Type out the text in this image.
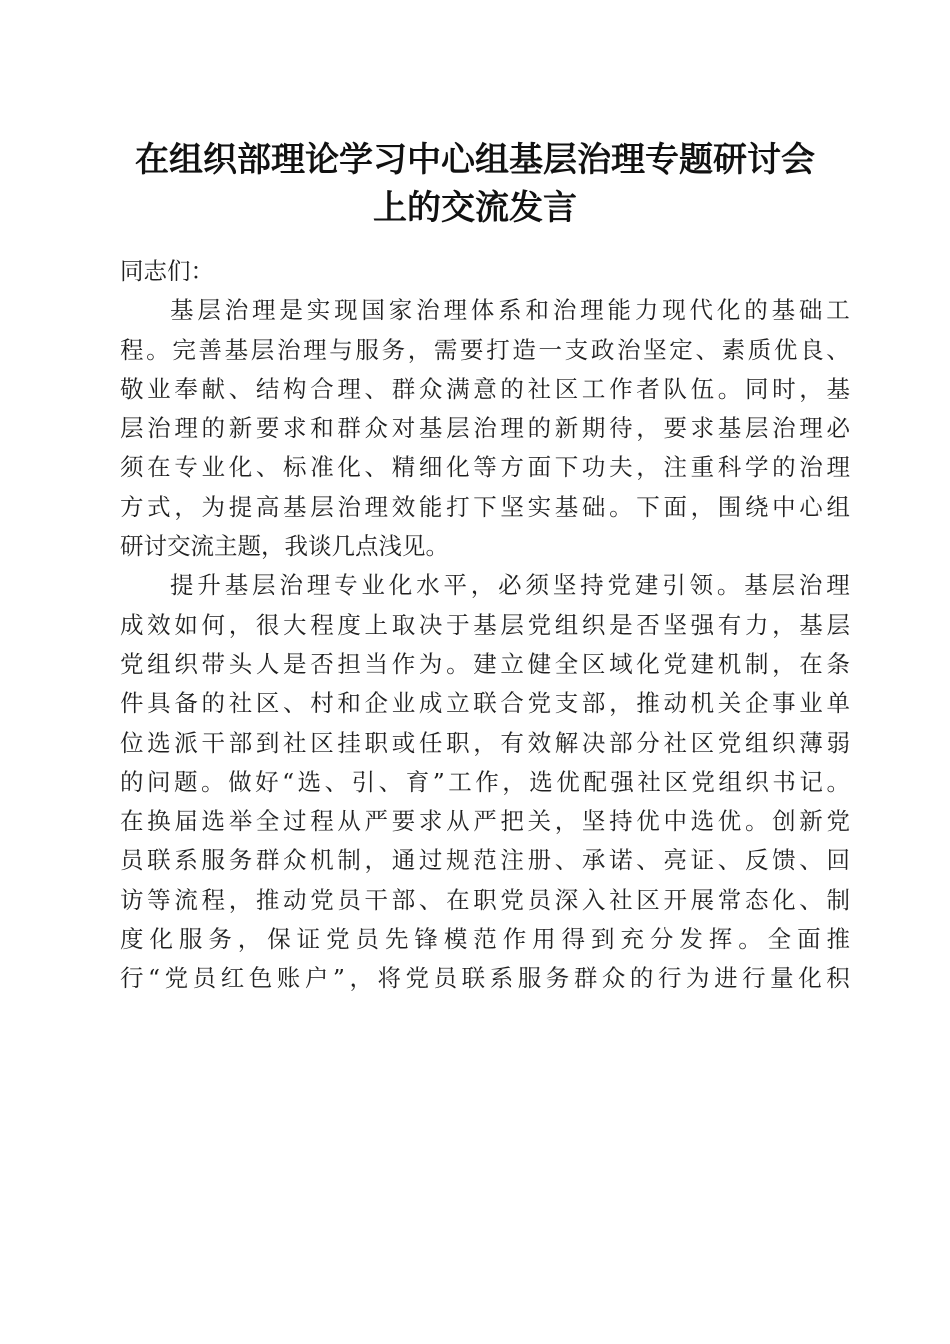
在组织部理论学习中心组基层治理专题研讨会
上的交流发言
同志们：
基 层 治 理 是 实 现 国 家 治 理 体 系 和 治 理 能 力 现 代 化 的 基 础 工
程 。 完 善 基 层 治 理 与 服 务 ， 需 要 打 造 一 支 政 治 坚 定 、 素 质 优 良 、
敬 业 奉 献 、 结 构 合 理 、 群 众 满 意 的 社 区 工 作 者 队 伍 。 同 时 ， 基
层 治 理 的 新 要 求 和 群 众 对 基 层 治 理 的 新 期 待 ， 要 求 基 层 治 理 必
须 在 专 业 化 、 标 准 化 、 精 细 化 等 方 面 下 功 夫 ， 注 重 科 学 的 治 理
方 式 ， 为 提 高 基 层 治 理 效 能 打 下 坚 实 基 础 。 下 面 ， 围 绕 中 心 组
研讨交流主题，我谈几点浅见。
提 升 基 层 治 理 专 业 化 水 平 ， 必 须 坚 持 党 建 引 领 。 基 层 治 理
成 效 如 何 ， 很 大 程 度 上 取 决 于 基 层 党 组 织 是 否 坚 强 有 力 ， 基 层
党 组 织 带 头 人 是 否 担 当 作 为 。 建 立 健 全 区 域 化 党 建 机 制 ， 在 条
件 具 备 的 社 区 、 村 和 企 业 成 立 联 合 党 支 部 ， 推 动 机 关 企 事 业 单
位 选 派 干 部 到 社 区 挂 职 或 任 职 ， 有 效 解 决 部 分 社 区 党 组 织 薄 弱
的 问 题 。 做 好 “ 选 、 引 、 育 ” 工 作 ， 选 优 配 强 社 区 党 组 织 书 记 。
在 换 届 选 举 全 过 程 从 严 要 求 从 严 把 关 ， 坚 持 优 中 选 优 。 创 新 党
员 联 系 服 务 群 众 机 制 ， 通 过 规 范 注 册 、 承 诺 、 亮 证 、 反 馈 、 回
访 等 流 程 ， 推 动 党 员 干 部 、 在 职 党 员 深 入 社 区 开 展 常 态 化 、 制
度 化 服 务 ， 保 证 党 员 先 锋 模 范 作 用 得 到 充 分 发 挥 。 全 面 推
行 “ 党 员 红 色 账 户 ” ， 将 党 员 联 系 服 务 群 众 的 行 为 进 行 量 化 积
